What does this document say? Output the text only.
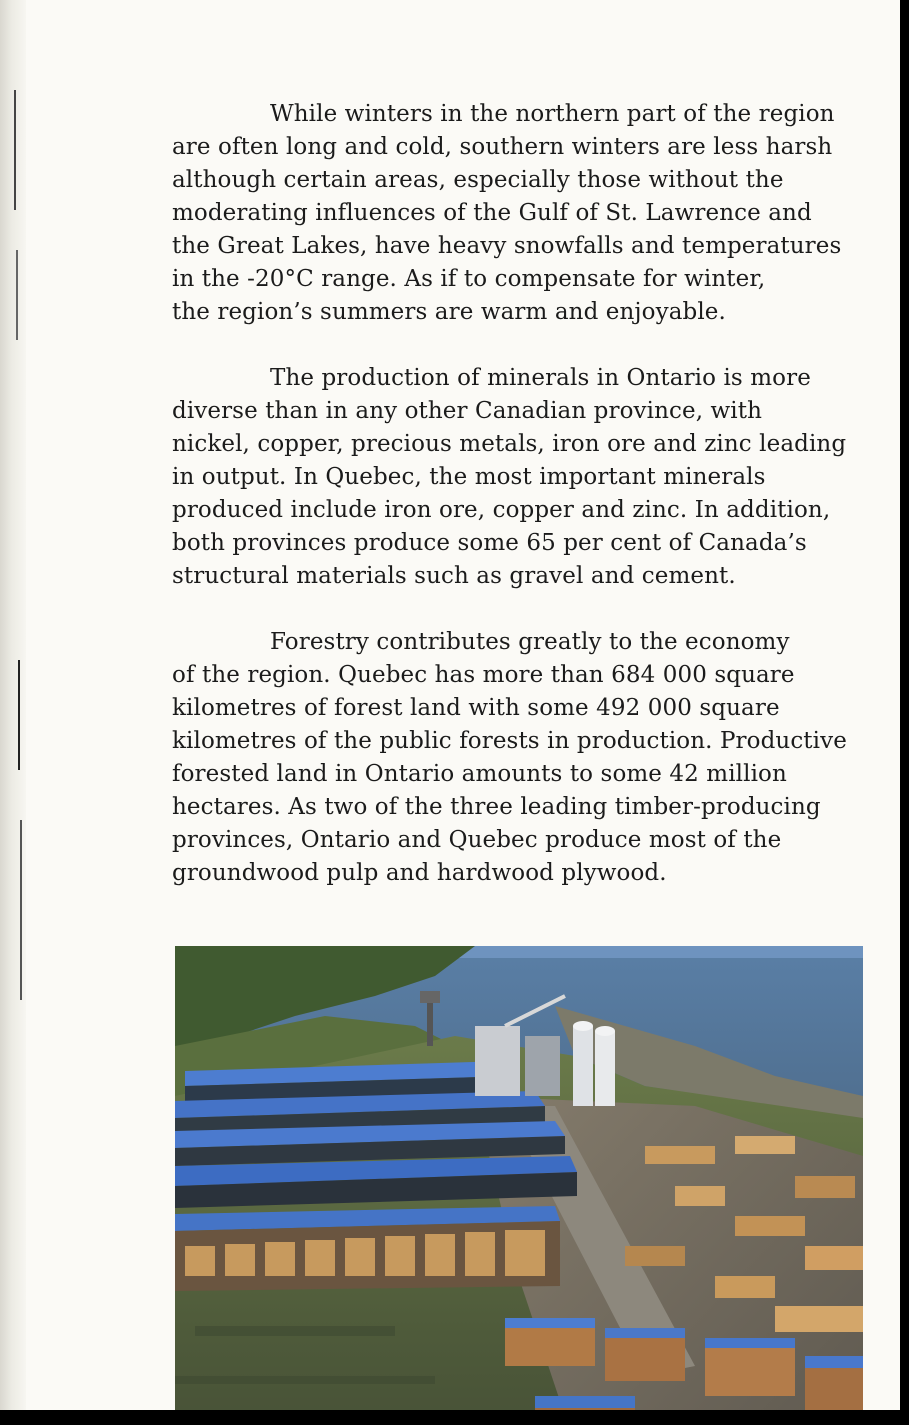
While winters in the northern part of the region
are often long and cold, southern winters are less harsh
although certain areas, especially those without the
moderating influences of the Gulf of St. Lawrence and
the Great Lakes, have heavy snowfalls and temperatures
in the -20°C range. As if to compensate for winter,
the region’s summers are warm and enjoyable.

The production of minerals in Ontario is more
diverse than in any other Canadian province, with
nickel, copper, precious metals, iron ore and zinc leading
in output. In Quebec, the most important minerals
produced include iron ore, copper and zinc. In addition,
both provinces produce some 65 per cent of Canada’s
structural materials such as gravel and cement.

Forestry contributes greatly to the economy
of the region. Quebec has more than 684 000 square
kilometres of forest land with some 492 000 square
kilometres of the public forests in production. Productive
forested land in Ontario amounts to some 42 million
hectares. As two of the three leading timber-producing
provinces, Ontario and Quebec produce most of the
groundwood pulp and hardwood plywood.
